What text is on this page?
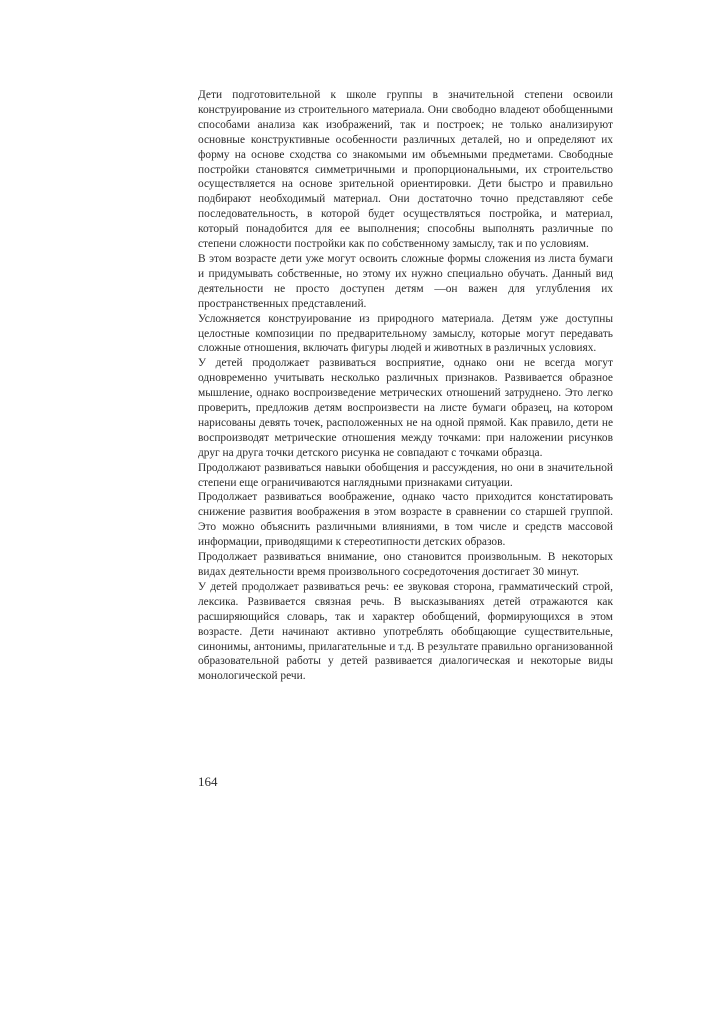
Дети подготовительной к школе группы в значительной степени освоили конструирование из строительного материала. Они свободно владеют обобщенными способами анализа как изображений, так и построек; не только анализируют основные конструктивные особенности различных деталей, но и определяют их форму на основе сходства со знакомыми им объемными предметами. Свободные постройки становятся симметричными и пропорциональными, их строительство осуществляется на основе зрительной ориентировки. Дети быстро и правильно подбирают необходимый материал. Они достаточно точно представляют себе последовательность, в которой будет осуществляться постройка, и материал, который понадобится для ее выполнения; способны выполнять различные по степени сложности постройки как по собственному замыслу, так и по условиям.

В этом возрасте дети уже могут освоить сложные формы сложения из листа бумаги и придумывать собственные, но этому их нужно специально обучать. Данный вид деятельности не просто доступен детям —он важен для углубления их пространственных представлений.

Усложняется конструирование из природного материала. Детям уже доступны целостные композиции по предварительному замыслу, которые могут передавать сложные отношения, включать фигуры людей и животных в различных условиях.

У детей продолжает развиваться восприятие, однако они не всегда могут одновременно учитывать несколько различных признаков. Развивается образное мышление, однако воспроизведение метрических отношений затруднено. Это легко проверить, предложив детям воспроизвести на листе бумаги образец, на котором нарисованы девять точек, расположенных не на одной прямой. Как правило, дети не воспроизводят метрические отношения между точками: при наложении рисунков друг на друга точки детского рисунка не совпадают с точками образца.

Продолжают развиваться навыки обобщения и рассуждения, но они в значительной степени еще ограничиваются наглядными признаками ситуации.

Продолжает развиваться воображение, однако часто приходится констатировать снижение развития воображения в этом возрасте в сравнении со старшей группой. Это можно объяснить различными влияниями, в том числе и средств массовой информации, приводящими к стереотипности детских образов.

Продолжает развиваться внимание, оно становится произвольным. В некоторых видах деятельности время произвольного сосредоточения достигает 30 минут.

У детей продолжает развиваться речь: ее звуковая сторона, грамматический строй, лексика. Развивается связная речь. В высказываниях детей отражаются как расширяющийся словарь, так и характер обобщений, формирующихся в этом возрасте. Дети начинают активно употреблять обобщающие существительные, синонимы, антонимы, прилагательные и т.д. В результате правильно организованной образовательной работы у детей развивается диалогическая и некоторые виды монологической речи.

164
